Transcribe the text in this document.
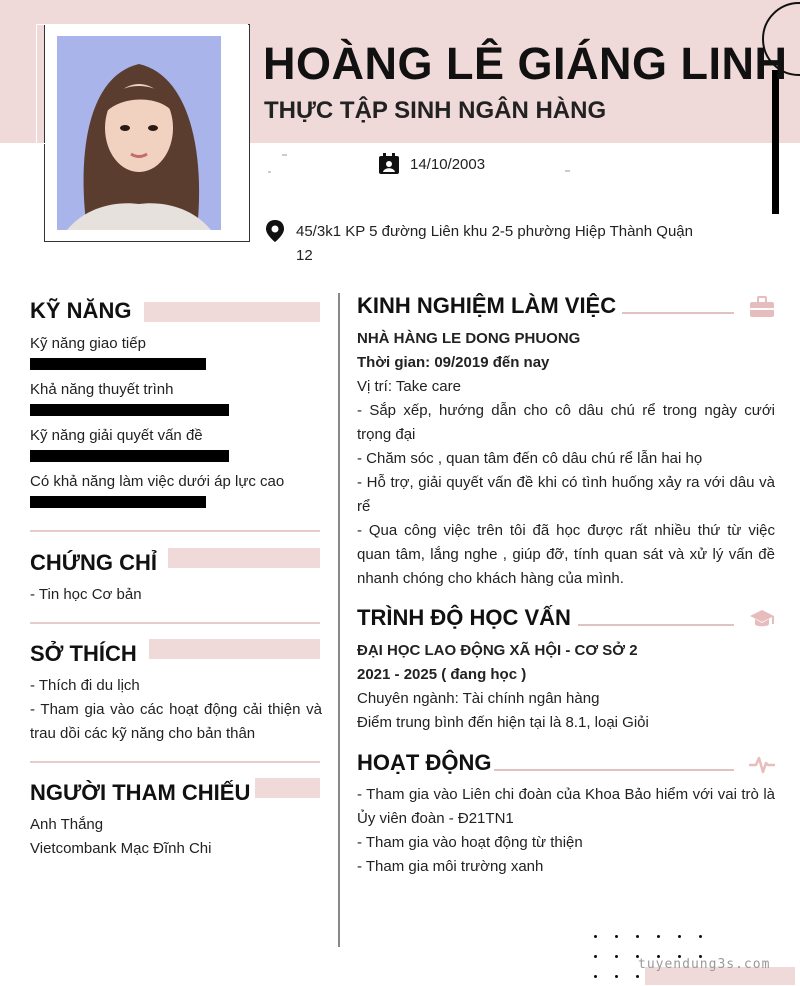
HOÀNG LÊ GIÁNG LINH
THỰC TẬP SINH NGÂN HÀNG
14/10/2003
45/3k1 KP 5 đường Liên khu 2-5 phường Hiệp Thành Quận 12
KỸ NĂNG
Kỹ năng giao tiếp
Khả năng thuyết trình
Kỹ năng giải quyết vấn đề
Có khả năng làm việc dưới áp lực cao
CHỨNG CHỈ
- Tin học Cơ bản
SỞ THÍCH
- Thích đi du lịch
- Tham gia vào các hoạt động cải thiện và trau dồi các kỹ năng cho bản thân
NGƯỜI THAM CHIẾU
Anh Thắng
Vietcombank Mạc Đĩnh Chi
KINH NGHIỆM LÀM VIỆC
NHÀ HÀNG LE DONG PHUONG
Thời gian: 09/2019 đến nay
Vị trí: Take care
- Sắp xếp, hướng dẫn cho cô dâu chú rể trong ngày cưới trọng đại
- Chăm sóc , quan tâm đến cô dâu chú rể lẫn hai họ
- Hỗ trợ, giải quyết vấn đề khi có tình huống xảy ra với dâu và rể
- Qua công việc trên tôi đã học được rất nhiều thứ từ việc quan tâm, lắng nghe , giúp đỡ, tính quan sát và xử lý vấn đề nhanh chóng cho khách hàng của mình.
TRÌNH ĐỘ HỌC VẤN
ĐẠI HỌC LAO ĐỘNG XÃ HỘI - CƠ SỞ 2
2021 - 2025 ( đang học )
Chuyên ngành: Tài chính ngân hàng
Điểm trung bình đến hiện tại là 8.1, loại Giỏi
HOẠT ĐỘNG
- Tham gia vào Liên chi đoàn của Khoa Bảo hiểm với vai trò là Ủy viên đoàn - Đ21TN1
- Tham gia vào hoạt động từ thiện
- Tham gia môi trường xanh
tuyendung3s.com
